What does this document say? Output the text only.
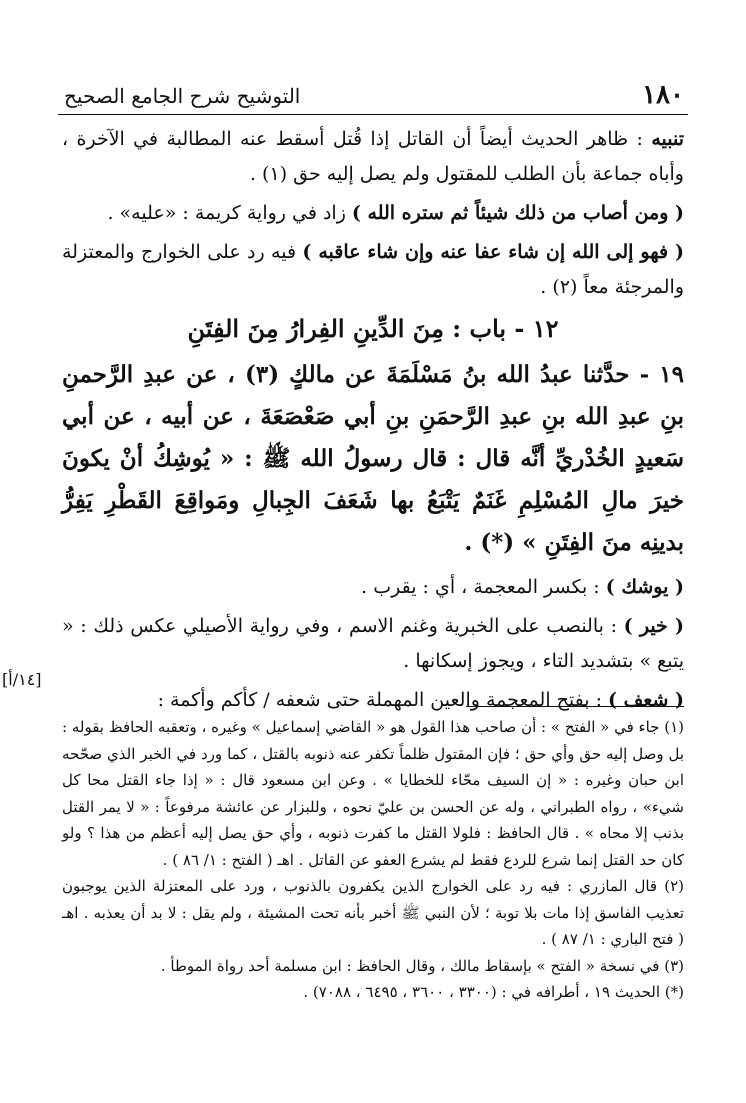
١٨٠
التوشيح شرح الجامع الصحيح

تنبيه : ظاهر الحديث أيضاً أن القاتل إذا قُتل أسقط عنه المطالبة في الآخرة ، وأباه جماعة بأن الطلب للمقتول ولم يصل إليه حق (١) .

( ومن أصاب من ذلك شيئاً ثم ستره الله ) زاد في رواية كريمة : «عليه» .

( فهو إلى الله إن شاء عفا عنه وإن شاء عاقبه ) فيه رد على الخوارج والمعتزلة والمرجئة معاً (٢) .

١٢ - باب : مِنَ الدِّينِ الفِرارُ مِنَ الفِتَنِ

١٩ - حدَّثنا عبدُ الله بنُ مَسْلَمَةَ عن مالكٍ (٣) ، عن عبدِ الرَّحمنِ بنِ عبدِ الله بنِ عبدِ الرَّحمَنِ بنِ أبي صَعْصَعَةَ ، عن أبيه ، عن أبي سَعيدٍ الخُدْريِّ أنَّه قال : قال رسولُ الله ﷺ : « يُوشِكُ أنْ يكونَ خيرَ مالِ المُسْلِمِ غَنَمٌ يَتْبَعُ بها شَعَفَ الجِبالِ ومَواقِعَ القَطْرِ يَفِرُّ بدينِه منَ الفِتَنِ » (*) .

( يوشك ) : بكسر المعجمة ، أي : يقرب .

( خير ) : بالنصب على الخبرية وغنم الاسم ، وفي رواية الأصيلي عكس ذلك : « يتبع » بتشديد التاء ، ويجوز إسكانها .

( شعف ) : بفتح المعجمة والعين المهملة حتى شعفه / كأكم وأكمة :

[١٤/أ]

(١) جاء في « الفتح » : أن صاحب هذا القول هو « القاضي إسماعيل » وغيره ، وتعقبه الحافظ بقوله : بل وصل إليه حق وأي حق ؛ فإن المقتول ظلماً تكفر عنه ذنوبه بالقتل ، كما ورد في الخبر الذي صحّحه ابن حبان وغيره : « إن السيف محّاء للخطايا » . وعن ابن مسعود قال : « إذا جاء القتل محا كل شيء» ، رواه الطبراني ، وله عن الحسن بن عليّ نحوه ، وللبزار عن عائشة مرفوعاً : « لا يمر القتل بذنب إلا محاه » . قال الحافظ : فلولا القتل ما كفرت ذنوبه ، وأي حق يصل إليه أعظم من هذا ؟ ولو كان حد القتل إنما شرع للردع فقط لم يشرع العفو عن القاتل . اهـ ( الفتح : ١/ ٨٦ ) .

(٢) قال المازري : فيه رد على الخوارج الذين يكفرون بالذنوب ، ورد على المعتزلة الذين يوجبون تعذيب الفاسق إذا مات بلا توبة ؛ لأن النبي ﷺ أخبر بأنه تحت المشيئة ، ولم يقل : لا بد أن يعذبه . اهـ ( فتح الباري : ١/ ٨٧ ) .

(٣) في نسخة « الفتح » بإسقاط مالك ، وقال الحافظ : ابن مسلمة أحد رواة الموطأ .

(*) الحديث ١٩ ، أطرافه في : (٣٣٠٠ ، ٣٦٠٠ ، ٦٤٩٥ ، ٧٠٨٨) .
